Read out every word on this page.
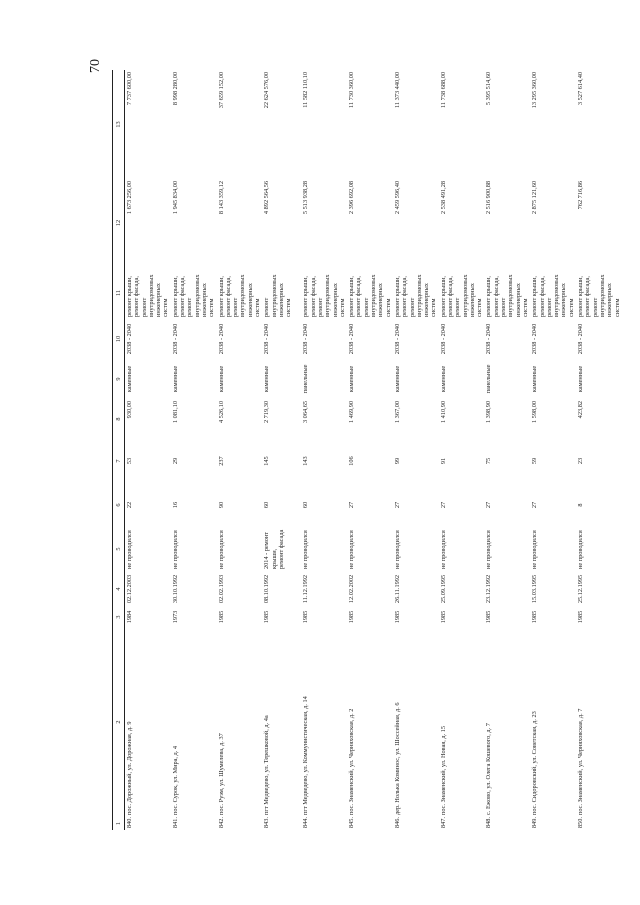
70
1	2	3	4	5	6	7	8	9	10	11	12	13
840.	пос. Дорожный, ул. Дорожная, д. 9	1984	02.12.2003	не проводился	22	53	930,00	каменные	2038 - 2040	ремонт крыши, ремонт фасада, ремонт внутридомовых инженерных систем	1 673 256,00	7 737 600,00
841.	пос. Сурок, ул. Мира, д. 4	1973	30.10.1992	не проводился	16	29	1 081,10	каменные	2038 - 2040	ремонт крыши, ремонт фасада, ремонт внутридомовых инженерных систем	1 945 834,00	8 998 280,00
842.	пос. Руэм, ул. Шумелева, д. 37	1985	02.02.1993	не проводился	90	237	4 526,10	каменные	2038 - 2040	ремонт крыши, ремонт фасада, ремонт внутридомовых инженерных систем	8 143 359,12	37 659 152,00
843.	пгт Медведево, ул. Терешковой, д. 4а	1985	08.10.1992	2014 - ремонт крыши, ремонт фасада	60	145	2 719,30	каменные	2038 - 2040	ремонт внутридомовых инженерных систем	4 892 564,56	22 624 576,00
844.	пгт Медведево, ул. Коммунистическая, д. 14	1985	11.12.1992	не проводился	60	143	3 064,65	панельные	2038 - 2040	ремонт крыши, ремонт фасада, ремонт внутридомовых инженерных систем	5 513 938,28	11 582 110,10
845.	пос. Знаменский, ул. Черняховская, д. 2	1985	12.02.2002	не проводился	27	106	1 469,90	каменные	2038 - 2040	ремонт крыши, ремонт фасада, ремонт внутридомовых инженерных систем	2 396 692,08	11 730 360,00
846.	дер. Нолька Коминос, ул. Шоссейная, д. 6	1985	26.11.1992	не проводился	27	99	1 367,00	каменные	2038 - 2040	ремонт крыши, ремонт фасада, ремонт внутридомовых инженерных систем	2 459 596,40	11 373 440,00
847.	пос. Знаменский, ул. Новая, д. 15	1985	25.09.1995	не проводился	27	91	1 410,90	каменные	2038 - 2040	ремонт крыши, ремонт фасада, ремонт внутридомовых инженерных систем	2 538 491,28	11 738 688,00
848.	с. Ежово, ул. Олега Кошевого, д. 7	1985	23.12.1992	не проводился	27	75	1 398,90	панельные	2038 - 2040	ремонт крыши, ремонт фасада, ремонт внутридомовых инженерных систем	2 516 900,88	5 395 514,60
849.	пос. Сидоровский, ул. Советская, д. 23	1985	15.03.1995	не проводился	27	59	1 598,00	каменные	2038 - 2040	ремонт крыши, ремонт фасада, ремонт внутридомовых инженерных систем	2 875 121,60	13 295 360,00
850.	пос. Знаменский, ул. Черняховская, д. 7	1985	25.12.1995	не проводился	8	23	423,82	каменные	2038 - 2040	ремонт крыши, ремонт фасада, ремонт внутридомовых инженерных систем	762 716,86	3 527 614,40
